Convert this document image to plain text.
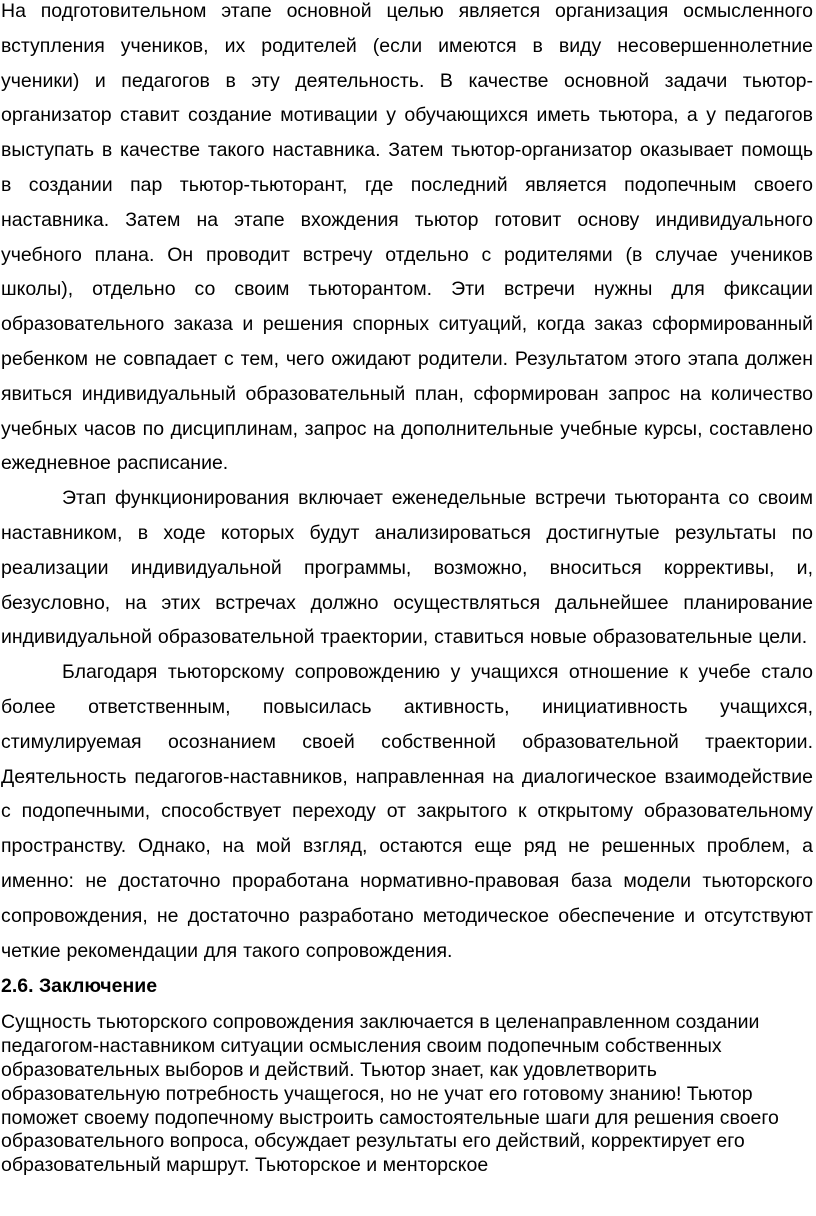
На подготовительном этапе основной целью является организация осмысленного вступления учеников, их родителей (если имеются в виду несовершеннолетние ученики) и педагогов в эту деятельность. В качестве основной задачи тьютор-организатор ставит создание мотивации у обучающихся иметь тьютора, а у педагогов выступать в качестве такого наставника. Затем тьютор-организатор оказывает помощь в создании пар тьютор-тьюторант, где последний является подопечным своего наставника. Затем на этапе вхождения тьютор готовит основу индивидуального учебного плана. Он проводит встречу отдельно с родителями (в случае учеников школы), отдельно со своим тьюторантом. Эти встречи нужны для фиксации образовательного заказа и решения спорных ситуаций, когда заказ сформированный ребенком не совпадает с тем, чего ожидают родители. Результатом этого этапа должен явиться индивидуальный образовательный план, сформирован запрос на количество учебных часов по дисциплинам, запрос на дополнительные учебные курсы, составлено ежедневное расписание.

Этап функционирования включает еженедельные встречи тьюторанта со своим наставником, в ходе которых будут анализироваться достигнутые результаты по реализации индивидуальной программы, возможно, вноситься коррективы, и, безусловно, на этих встречах должно осуществляться дальнейшее планирование индивидуальной образовательной траектории, ставиться новые образовательные цели.

Благодаря тьюторскому сопровождению у учащихся отношение к учебе стало более ответственным, повысилась активность, инициативность учащихся, стимулируемая осознанием своей собственной образовательной траектории. Деятельность педагогов-наставников, направленная на диалогическое взаимодействие с подопечными, способствует переходу от закрытого к открытому образовательному пространству. Однако, на мой взгляд, остаются еще ряд не решенных проблем, а именно: не достаточно проработана нормативно-правовая база модели тьюторского сопровождения, не достаточно разработано методическое обеспечение и отсутствуют четкие рекомендации для такого сопровождения.

2.6. Заключение

Сущность тьюторского сопровождения заключается в целенаправленном создании педагогом-наставником ситуации осмысления своим подопечным собственных образовательных выборов и действий. Тьютор знает, как удовлетворить образовательную потребность учащегося, но не учат его готовому знанию! Тьютор поможет своему подопечному выстроить самостоятельные шаги для решения своего образовательного вопроса, обсуждает результаты его действий, корректирует его образовательный маршрут. Тьюторское и менторское
